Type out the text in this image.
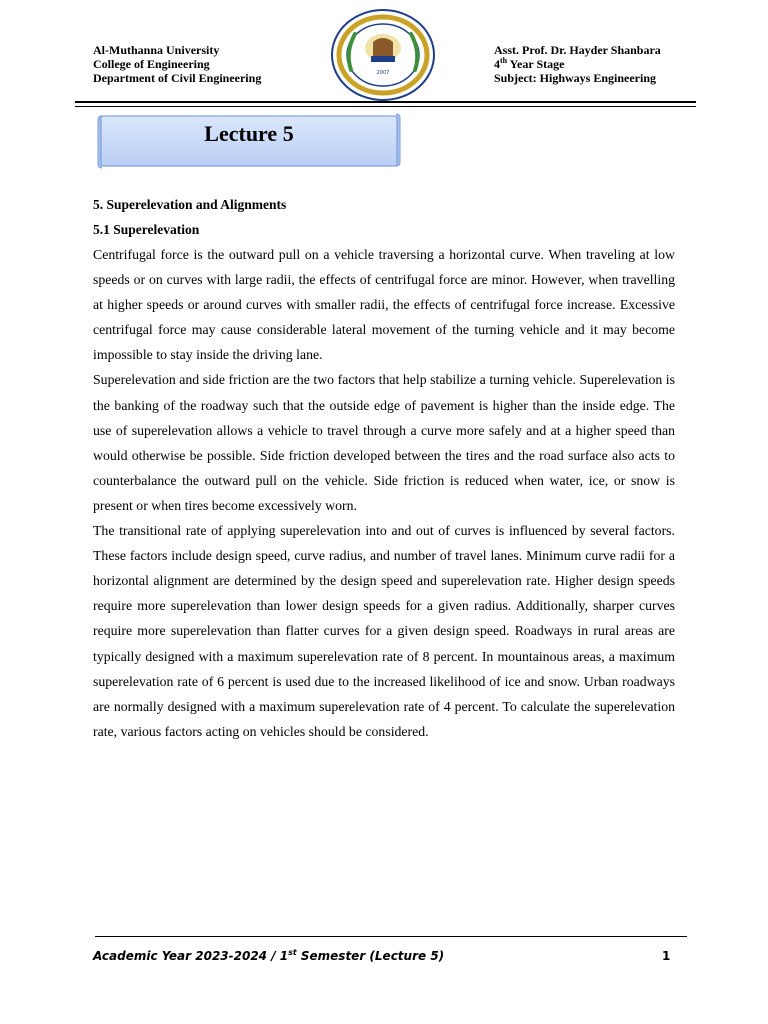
Al-Muthanna University
College of Engineering
Department of Civil Engineering	2007
Asst. Prof. Dr. Hayder Shanbara
4th Year Stage
Subject: Highways Engineering
Lecture 5
5. Superelevation and Alignments
5.1 Superelevation

Centrifugal force is the outward pull on a vehicle traversing a horizontal curve. When traveling at low speeds or on curves with large radii, the effects of centrifugal force are minor. However, when travelling at higher speeds or around curves with smaller radii, the effects of centrifugal force increase. Excessive centrifugal force may cause considerable lateral movement of the turning vehicle and it may become impossible to stay inside the driving lane.

Superelevation and side friction are the two factors that help stabilize a turning vehicle. Superelevation is the banking of the roadway such that the outside edge of pavement is higher than the inside edge. The use of superelevation allows a vehicle to travel through a curve more safely and at a higher speed than would otherwise be possible. Side friction developed between the tires and the road surface also acts to counterbalance the outward pull on the vehicle. Side friction is reduced when water, ice, or snow is present or when tires become excessively worn.

The transitional rate of applying superelevation into and out of curves is influenced by several factors. These factors include design speed, curve radius, and number of travel lanes. Minimum curve radii for a horizontal alignment are determined by the design speed and superelevation rate. Higher design speeds require more superelevation than lower design speeds for a given radius. Additionally, sharper curves require more superelevation than flatter curves for a given design speed. Roadways in rural areas are typically designed with a maximum superelevation rate of 8 percent. In mountainous areas, a maximum superelevation rate of 6 percent is used due to the increased likelihood of ice and snow. Urban roadways are normally designed with a maximum superelevation rate of 4 percent. To calculate the superelevation rate, various factors acting on vehicles should be considered.

Academic Year 2023-2024 / 1st Semester (Lecture 5)	1
